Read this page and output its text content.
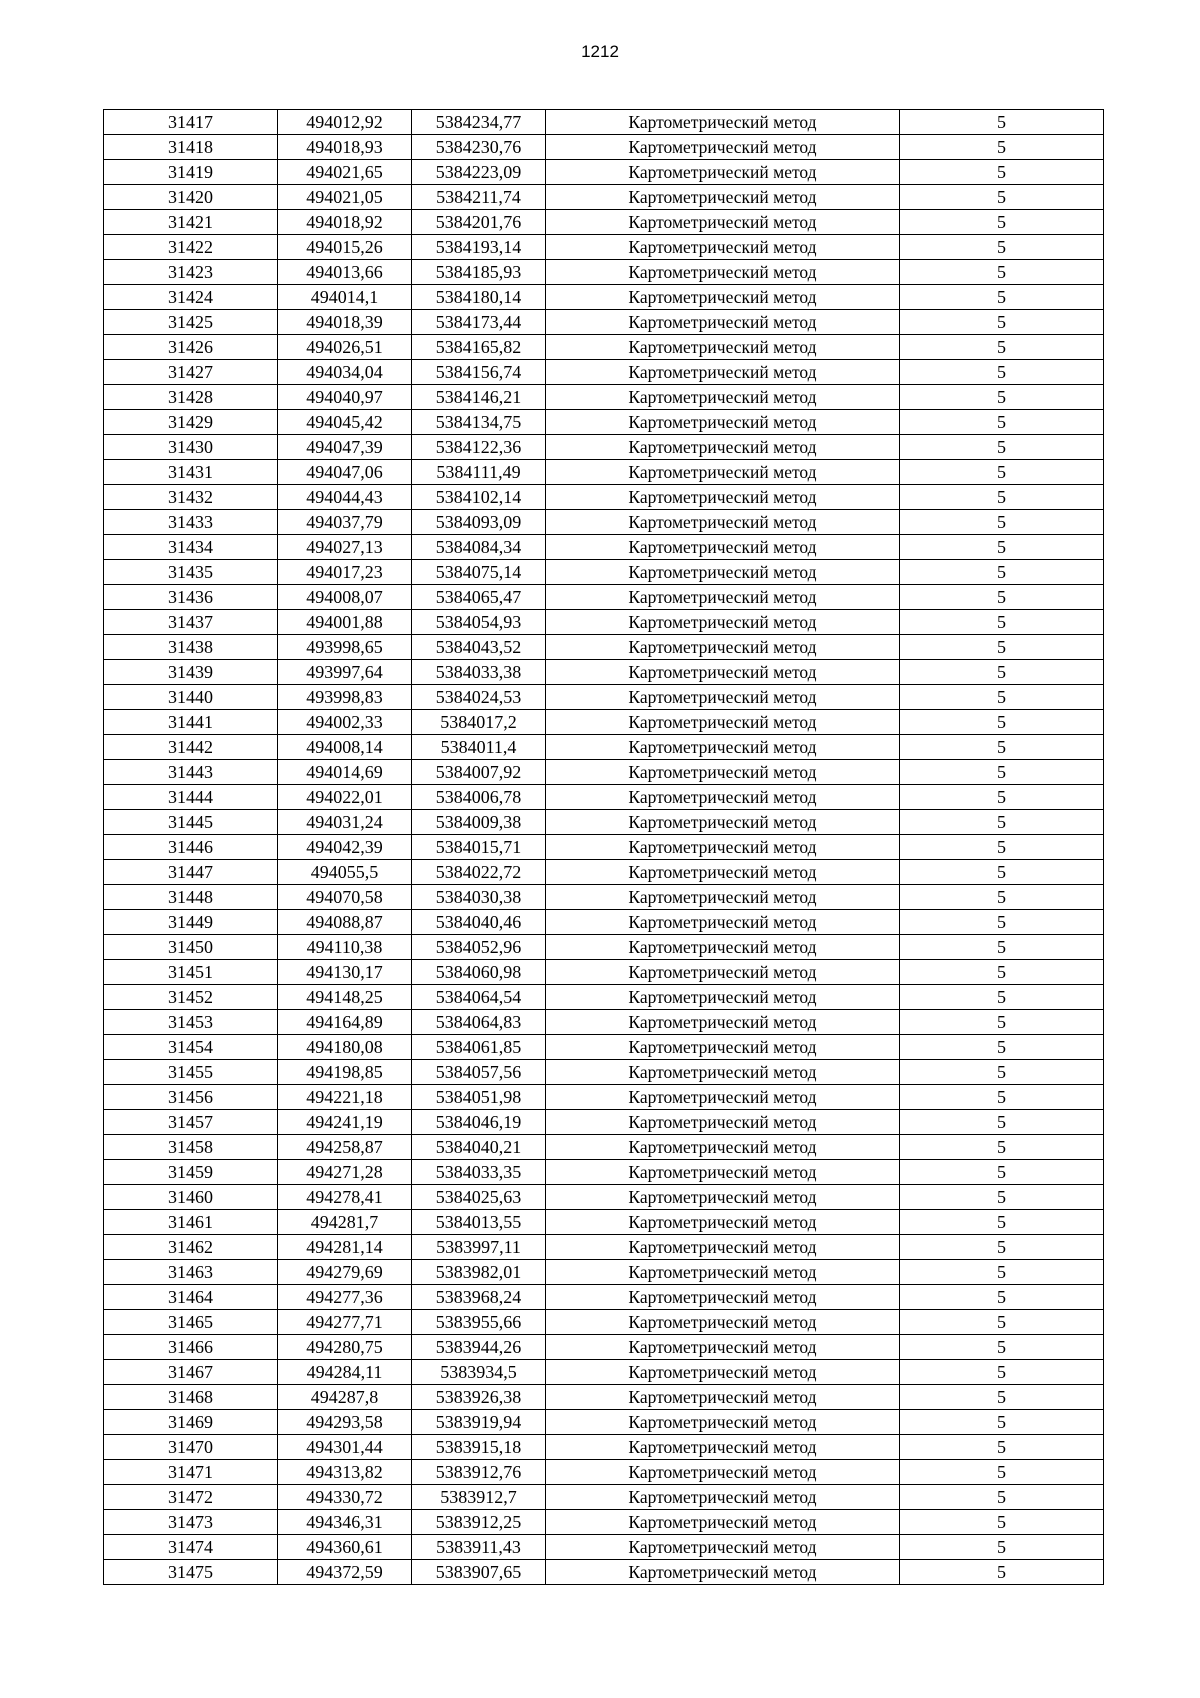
1212
31417	494012,92	5384234,77	Картометрический метод	5
31418	494018,93	5384230,76	Картометрический метод	5
31419	494021,65	5384223,09	Картометрический метод	5
31420	494021,05	5384211,74	Картометрический метод	5
31421	494018,92	5384201,76	Картометрический метод	5
31422	494015,26	5384193,14	Картометрический метод	5
31423	494013,66	5384185,93	Картометрический метод	5
31424	494014,1	5384180,14	Картометрический метод	5
31425	494018,39	5384173,44	Картометрический метод	5
31426	494026,51	5384165,82	Картометрический метод	5
31427	494034,04	5384156,74	Картометрический метод	5
31428	494040,97	5384146,21	Картометрический метод	5
31429	494045,42	5384134,75	Картометрический метод	5
31430	494047,39	5384122,36	Картометрический метод	5
31431	494047,06	5384111,49	Картометрический метод	5
31432	494044,43	5384102,14	Картометрический метод	5
31433	494037,79	5384093,09	Картометрический метод	5
31434	494027,13	5384084,34	Картометрический метод	5
31435	494017,23	5384075,14	Картометрический метод	5
31436	494008,07	5384065,47	Картометрический метод	5
31437	494001,88	5384054,93	Картометрический метод	5
31438	493998,65	5384043,52	Картометрический метод	5
31439	493997,64	5384033,38	Картометрический метод	5
31440	493998,83	5384024,53	Картометрический метод	5
31441	494002,33	5384017,2	Картометрический метод	5
31442	494008,14	5384011,4	Картометрический метод	5
31443	494014,69	5384007,92	Картометрический метод	5
31444	494022,01	5384006,78	Картометрический метод	5
31445	494031,24	5384009,38	Картометрический метод	5
31446	494042,39	5384015,71	Картометрический метод	5
31447	494055,5	5384022,72	Картометрический метод	5
31448	494070,58	5384030,38	Картометрический метод	5
31449	494088,87	5384040,46	Картометрический метод	5
31450	494110,38	5384052,96	Картометрический метод	5
31451	494130,17	5384060,98	Картометрический метод	5
31452	494148,25	5384064,54	Картометрический метод	5
31453	494164,89	5384064,83	Картометрический метод	5
31454	494180,08	5384061,85	Картометрический метод	5
31455	494198,85	5384057,56	Картометрический метод	5
31456	494221,18	5384051,98	Картометрический метод	5
31457	494241,19	5384046,19	Картометрический метод	5
31458	494258,87	5384040,21	Картометрический метод	5
31459	494271,28	5384033,35	Картометрический метод	5
31460	494278,41	5384025,63	Картометрический метод	5
31461	494281,7	5384013,55	Картометрический метод	5
31462	494281,14	5383997,11	Картометрический метод	5
31463	494279,69	5383982,01	Картометрический метод	5
31464	494277,36	5383968,24	Картометрический метод	5
31465	494277,71	5383955,66	Картометрический метод	5
31466	494280,75	5383944,26	Картометрический метод	5
31467	494284,11	5383934,5	Картометрический метод	5
31468	494287,8	5383926,38	Картометрический метод	5
31469	494293,58	5383919,94	Картометрический метод	5
31470	494301,44	5383915,18	Картометрический метод	5
31471	494313,82	5383912,76	Картометрический метод	5
31472	494330,72	5383912,7	Картометрический метод	5
31473	494346,31	5383912,25	Картометрический метод	5
31474	494360,61	5383911,43	Картометрический метод	5
31475	494372,59	5383907,65	Картометрический метод	5
